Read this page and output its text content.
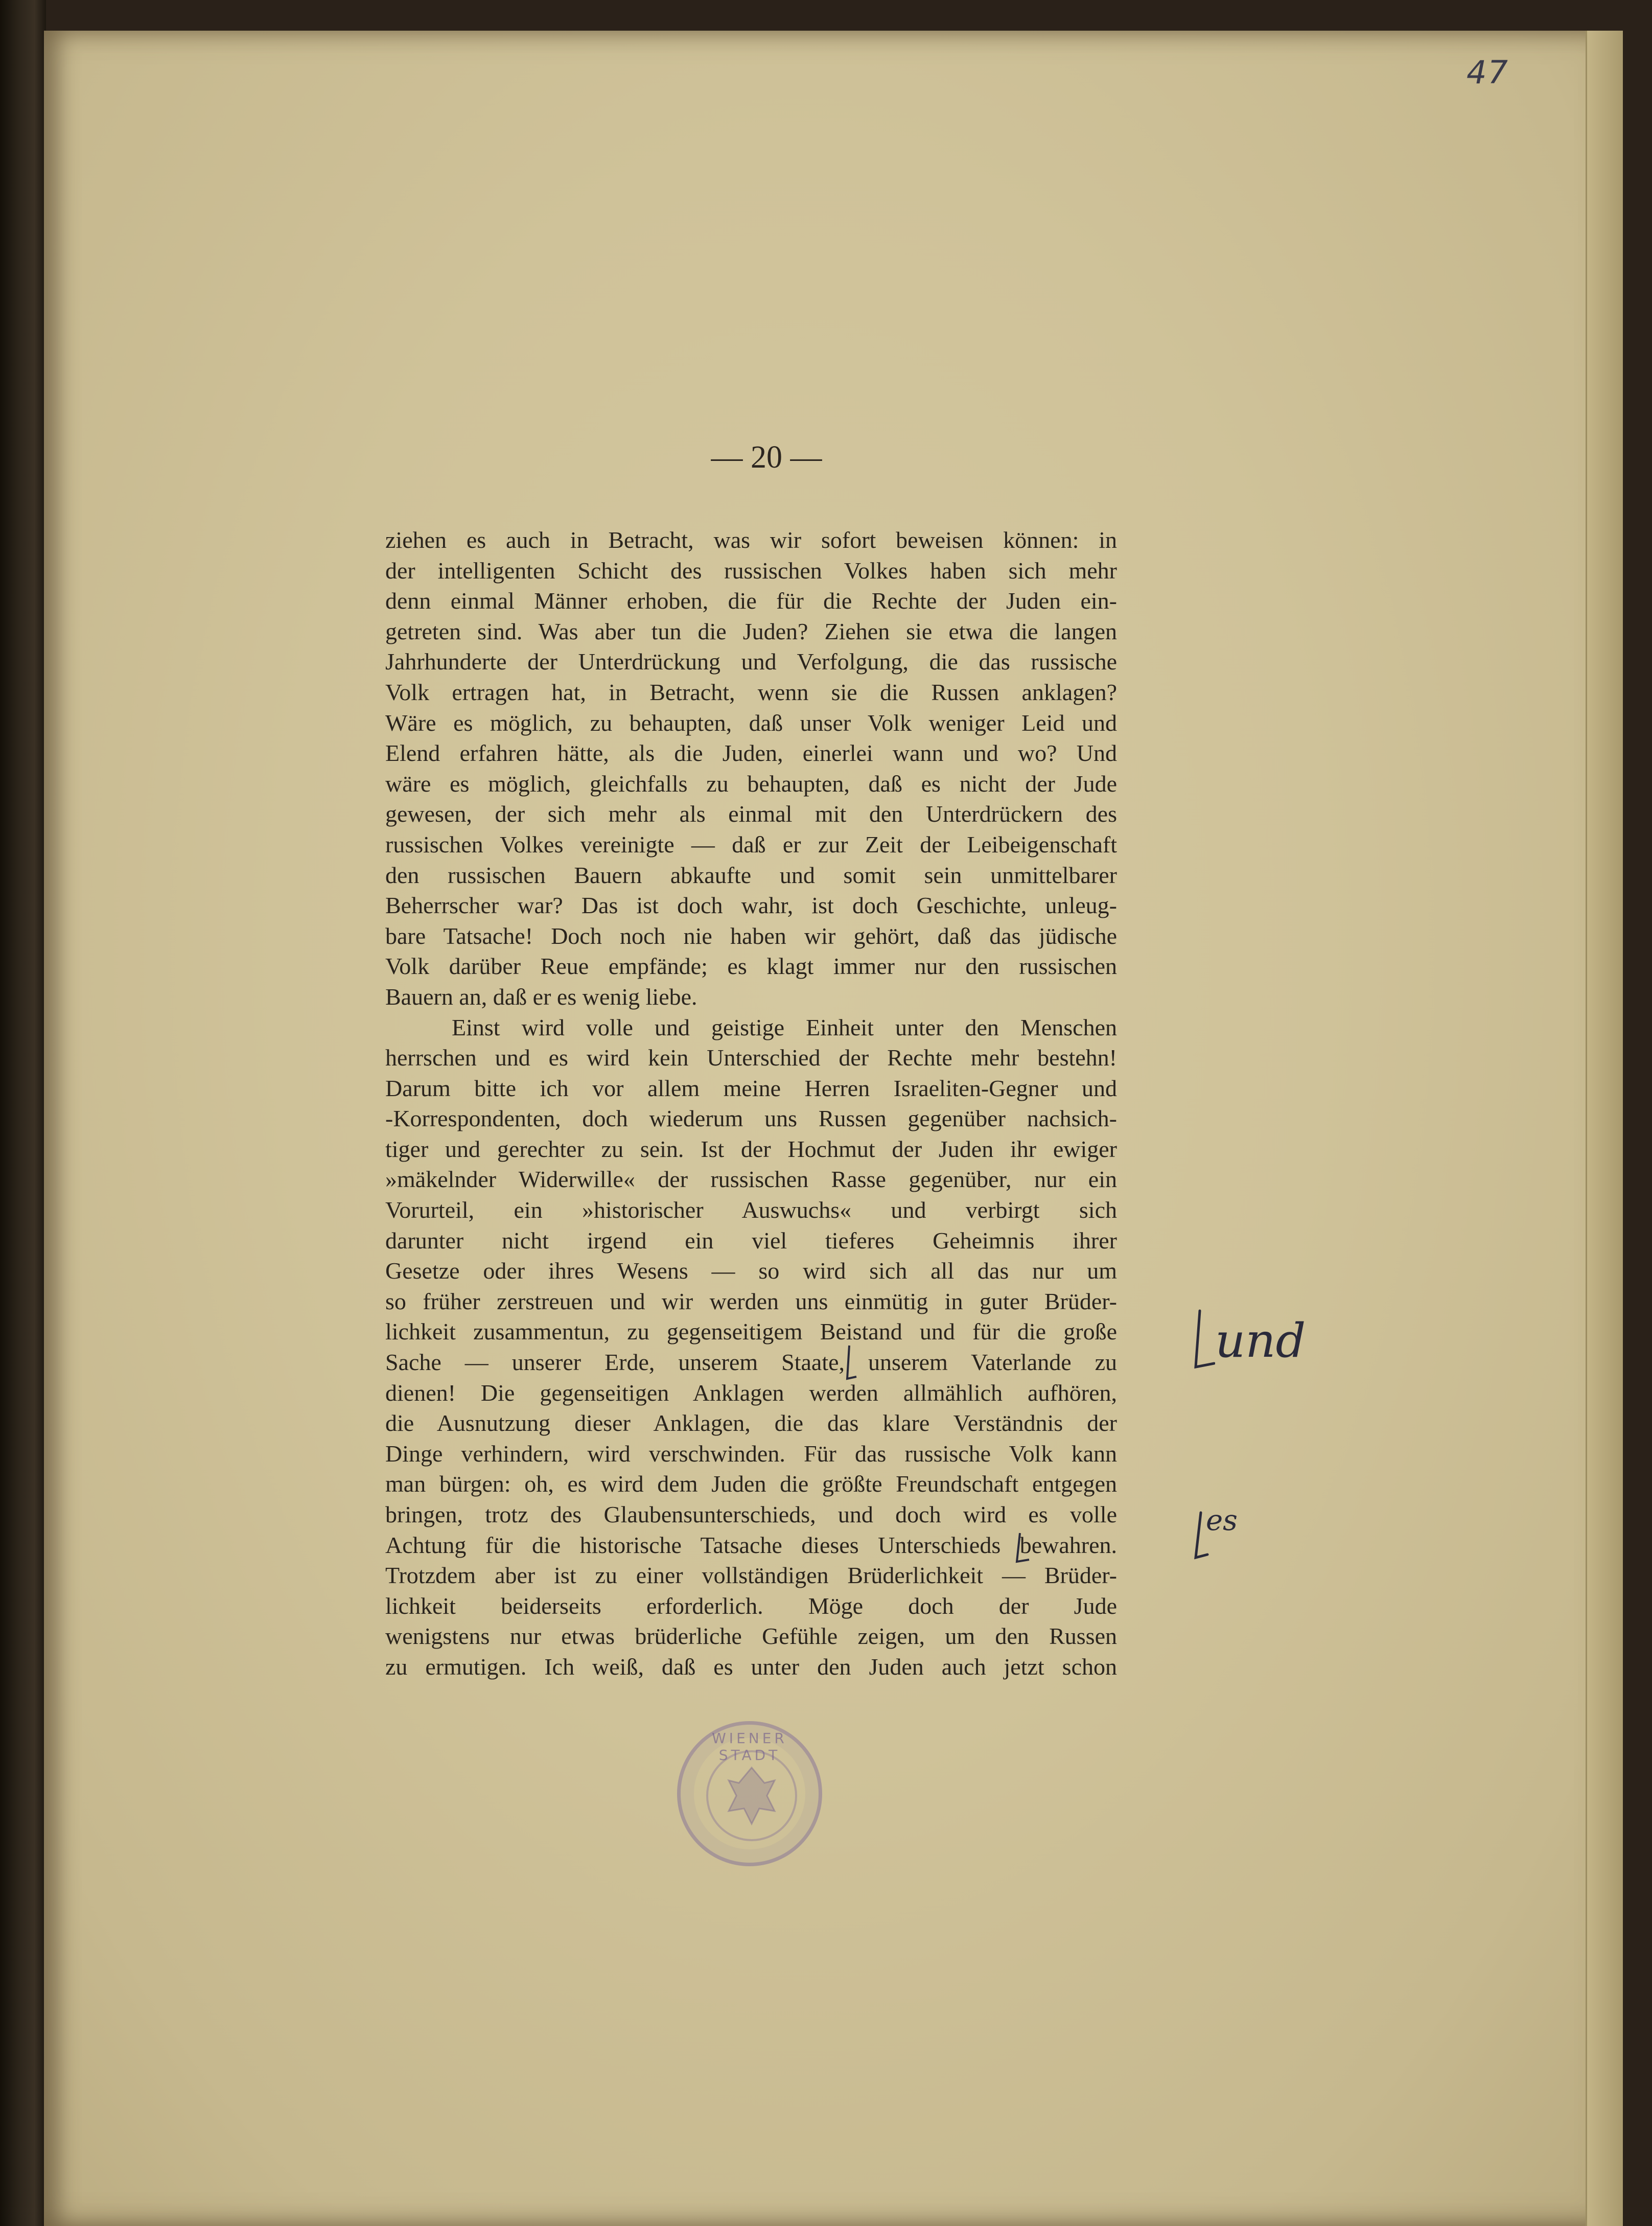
47
— 20 —
ziehen es auch in Betracht, was wir sofort beweisen können: in
der intelligenten Schicht des russischen Volkes haben sich mehr
denn einmal Männer erhoben, die für die Rechte der Juden ein-
getreten sind. Was aber tun die Juden? Ziehen sie etwa die langen
Jahrhunderte der Unterdrückung und Verfolgung, die das russische
Volk ertragen hat, in Betracht, wenn sie die Russen anklagen?
Wäre es möglich, zu behaupten, daß unser Volk weniger Leid und
Elend erfahren hätte, als die Juden, einerlei wann und wo? Und
wäre es möglich, gleichfalls zu behaupten, daß es nicht der Jude
gewesen, der sich mehr als einmal mit den Unterdrückern des
russischen Volkes vereinigte — daß er zur Zeit der Leibeigenschaft
den russischen Bauern abkaufte und somit sein unmittelbarer
Beherrscher war? Das ist doch wahr, ist doch Geschichte, unleug-
bare Tatsache! Doch noch nie haben wir gehört, daß das jüdische
Volk darüber Reue empfände; es klagt immer nur den russischen
Bauern an, daß er es wenig liebe.
Einst wird volle und geistige Einheit unter den Menschen
herrschen und es wird kein Unterschied der Rechte mehr bestehn!
Darum bitte ich vor allem meine Herren Israeliten-Gegner und
-Korrespondenten, doch wiederum uns Russen gegenüber nachsich-
tiger und gerechter zu sein. Ist der Hochmut der Juden ihr ewiger
»mäkelnder Widerwille« der russischen Rasse gegenüber, nur ein
Vorurteil, ein »historischer Auswuchs« und verbirgt sich
darunter nicht irgend ein viel tieferes Geheimnis ihrer
Gesetze oder ihres Wesens — so wird sich all das nur um
so früher zerstreuen und wir werden uns einmütig in guter Brüder-
lichkeit zusammentun, zu gegenseitigem Beistand und für die große
Sache — unserer Erde, unserem Staate, unserem Vaterlande zu
dienen! Die gegenseitigen Anklagen werden allmählich aufhören,
die Ausnutzung dieser Anklagen, die das klare Verständnis der
Dinge verhindern, wird verschwinden. Für das russische Volk kann
man bürgen: oh, es wird dem Juden die größte Freundschaft entgegen
bringen, trotz des Glaubensunterschieds, und doch wird es volle
Achtung für die historische Tatsache dieses Unterschieds bewahren.
Trotzdem aber ist zu einer vollständigen Brüderlichkeit — Brüder-
lichkeit beiderseits erforderlich. Möge doch der Jude
wenigstens nur etwas brüderliche Gefühle zeigen, um den Russen
zu ermutigen. Ich weiß, daß es unter den Juden auch jetzt schon
und
es
WIENER STADT
